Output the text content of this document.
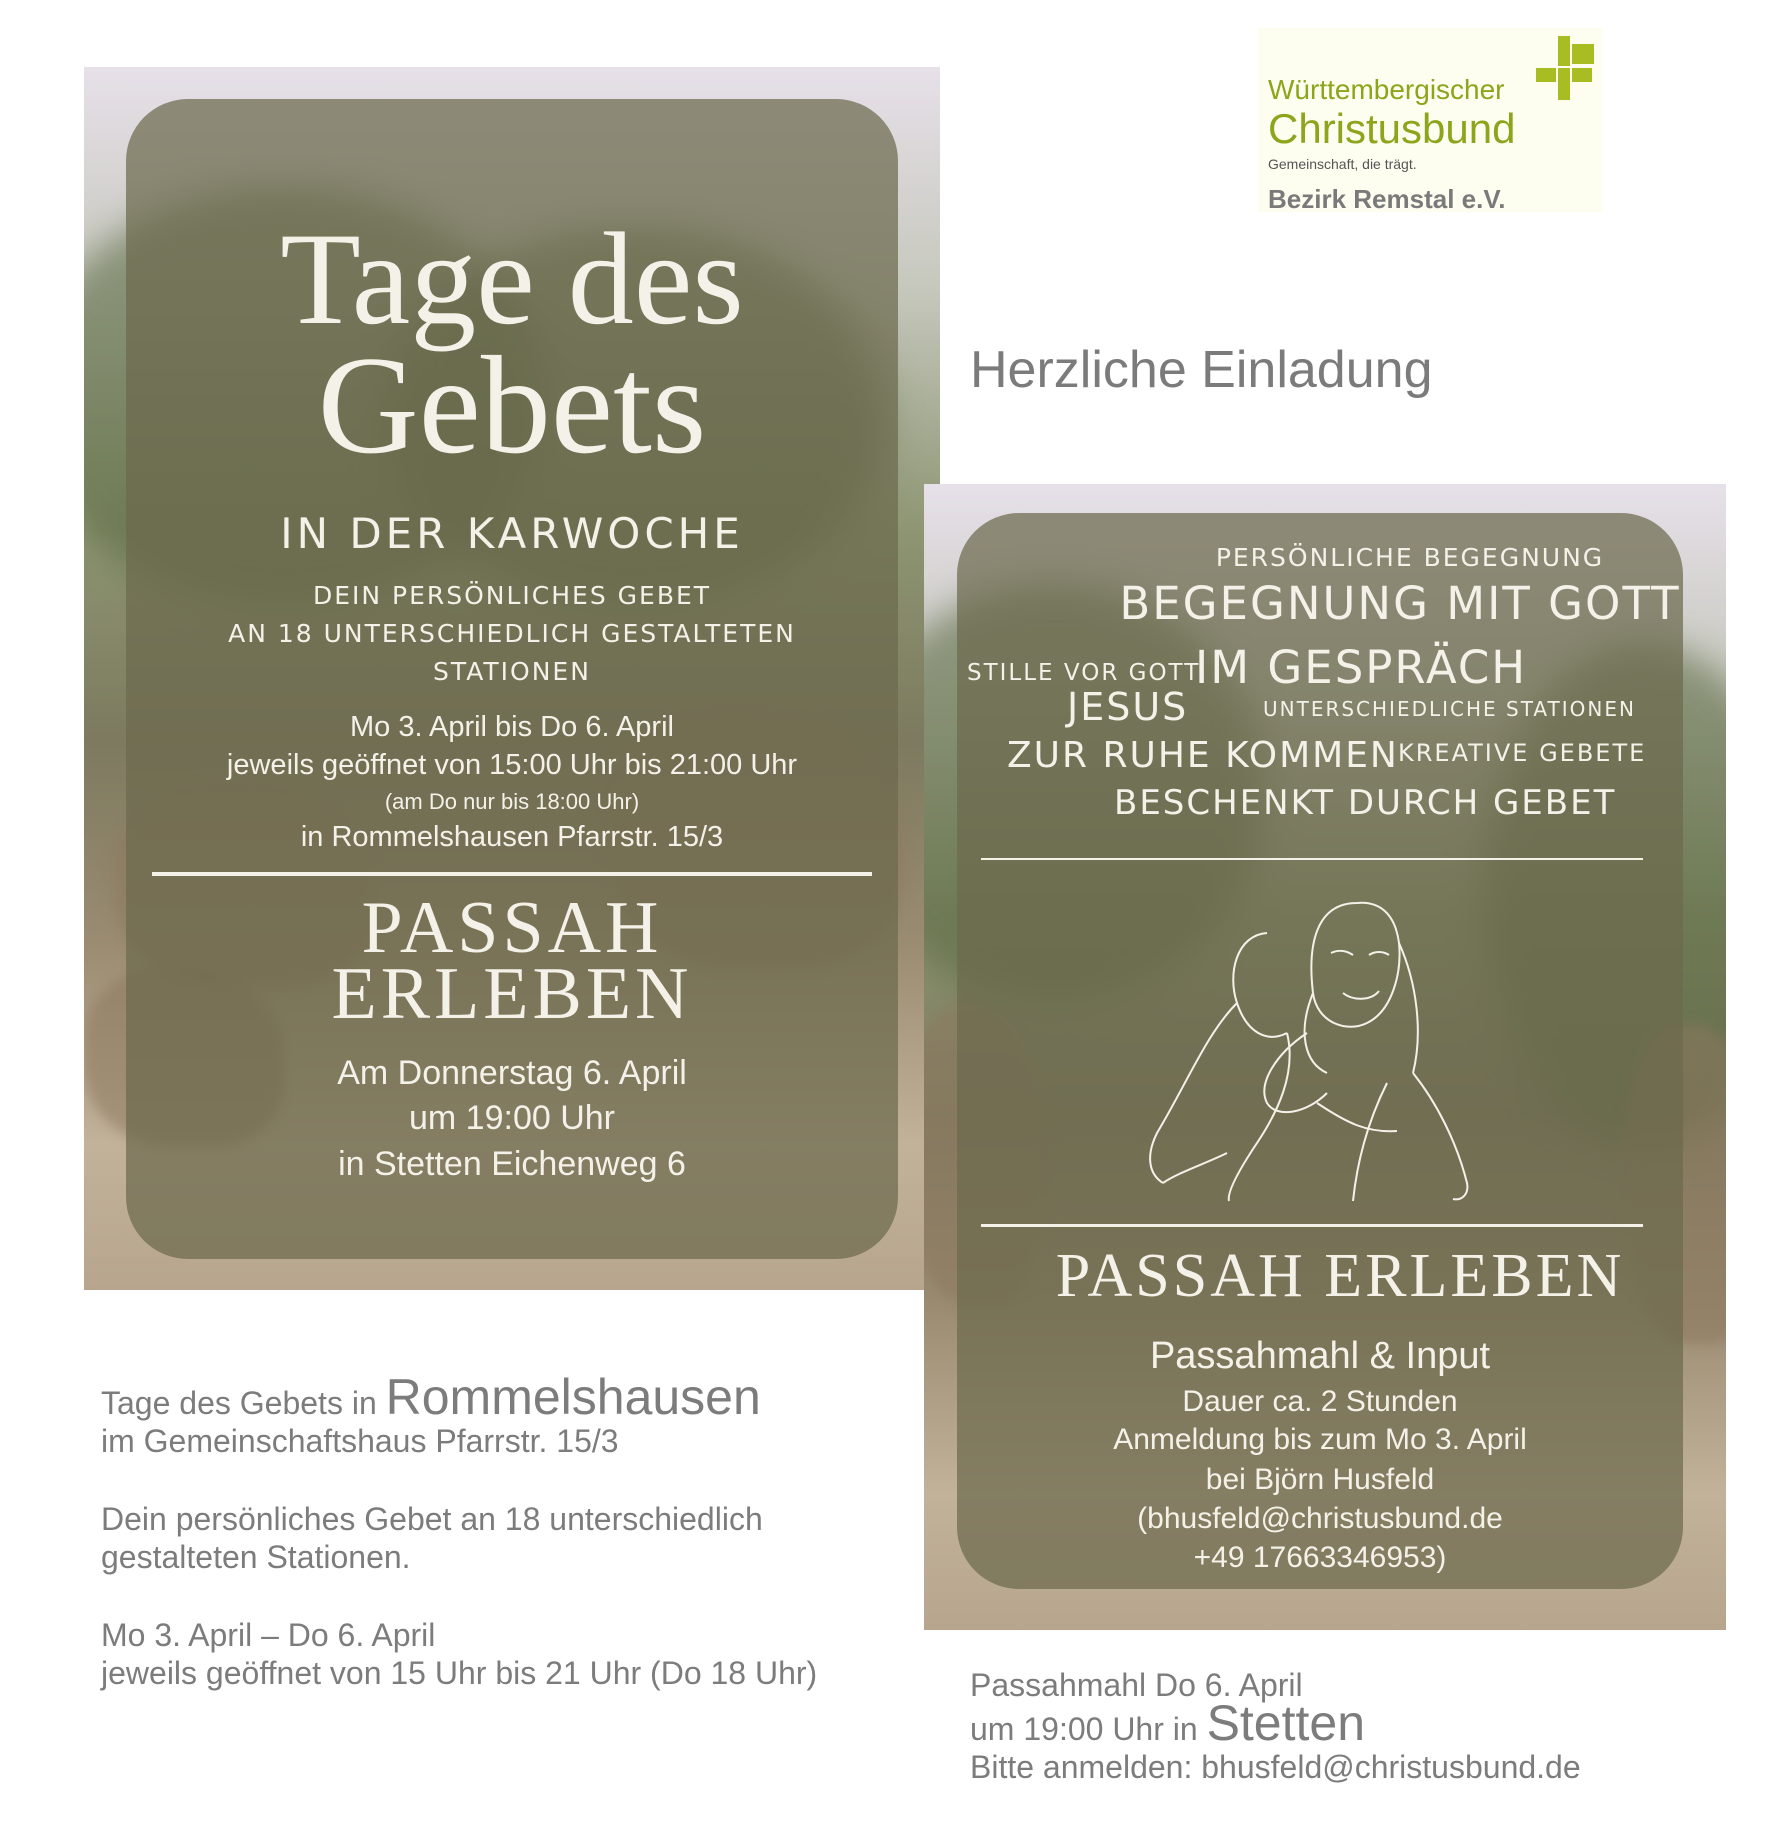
Württembergischer
Christusbund
Gemeinschaft, die trägt.
Bezirk Remstal e.V.
Herzliche Einladung
Tage des
Gebets
IN DER KARWOCHE
DEIN PERSÖNLICHES GEBET
AN 18 UNTERSCHIEDLICH GESTALTETEN
STATIONEN
Mo 3. April bis Do 6. April
jeweils geöffnet von 15:00 Uhr bis 21:00 Uhr
(am Do nur bis 18:00 Uhr)
in Rommelshausen Pfarrstr. 15/3
PASSAH
ERLEBEN
Am Donnerstag 6. April
um 19:00 Uhr
in Stetten Eichenweg 6
PERSÖNLICHE BEGEGNUNG
BEGEGNUNG MIT GOTT
STILLE VOR GOTT
IM GESPRÄCH
JESUS	UNTERSCHIEDLICHE STATIONEN
ZUR RUHE KOMMEN KREATIVE GEBETE
BESCHENKT DURCH GEBET
PASSAH ERLEBEN
Passahmahl & Input
Dauer ca. 2 Stunden
Anmeldung bis zum Mo 3. April
bei Björn Husfeld
(bhusfeld@christusbund.de
+49 17663346953)
Tage des Gebets in Rommelshausen
im Gemeinschaftshaus Pfarrstr. 15/3
Dein persönliches Gebet an 18 unterschiedlich
gestalteten Stationen.
Mo 3. April – Do 6. April
jeweils geöffnet von 15 Uhr bis 21 Uhr (Do 18 Uhr)	Passahmahl Do 6. April
um 19:00 Uhr in Stetten
Bitte anmelden: bhusfeld@christusbund.de
